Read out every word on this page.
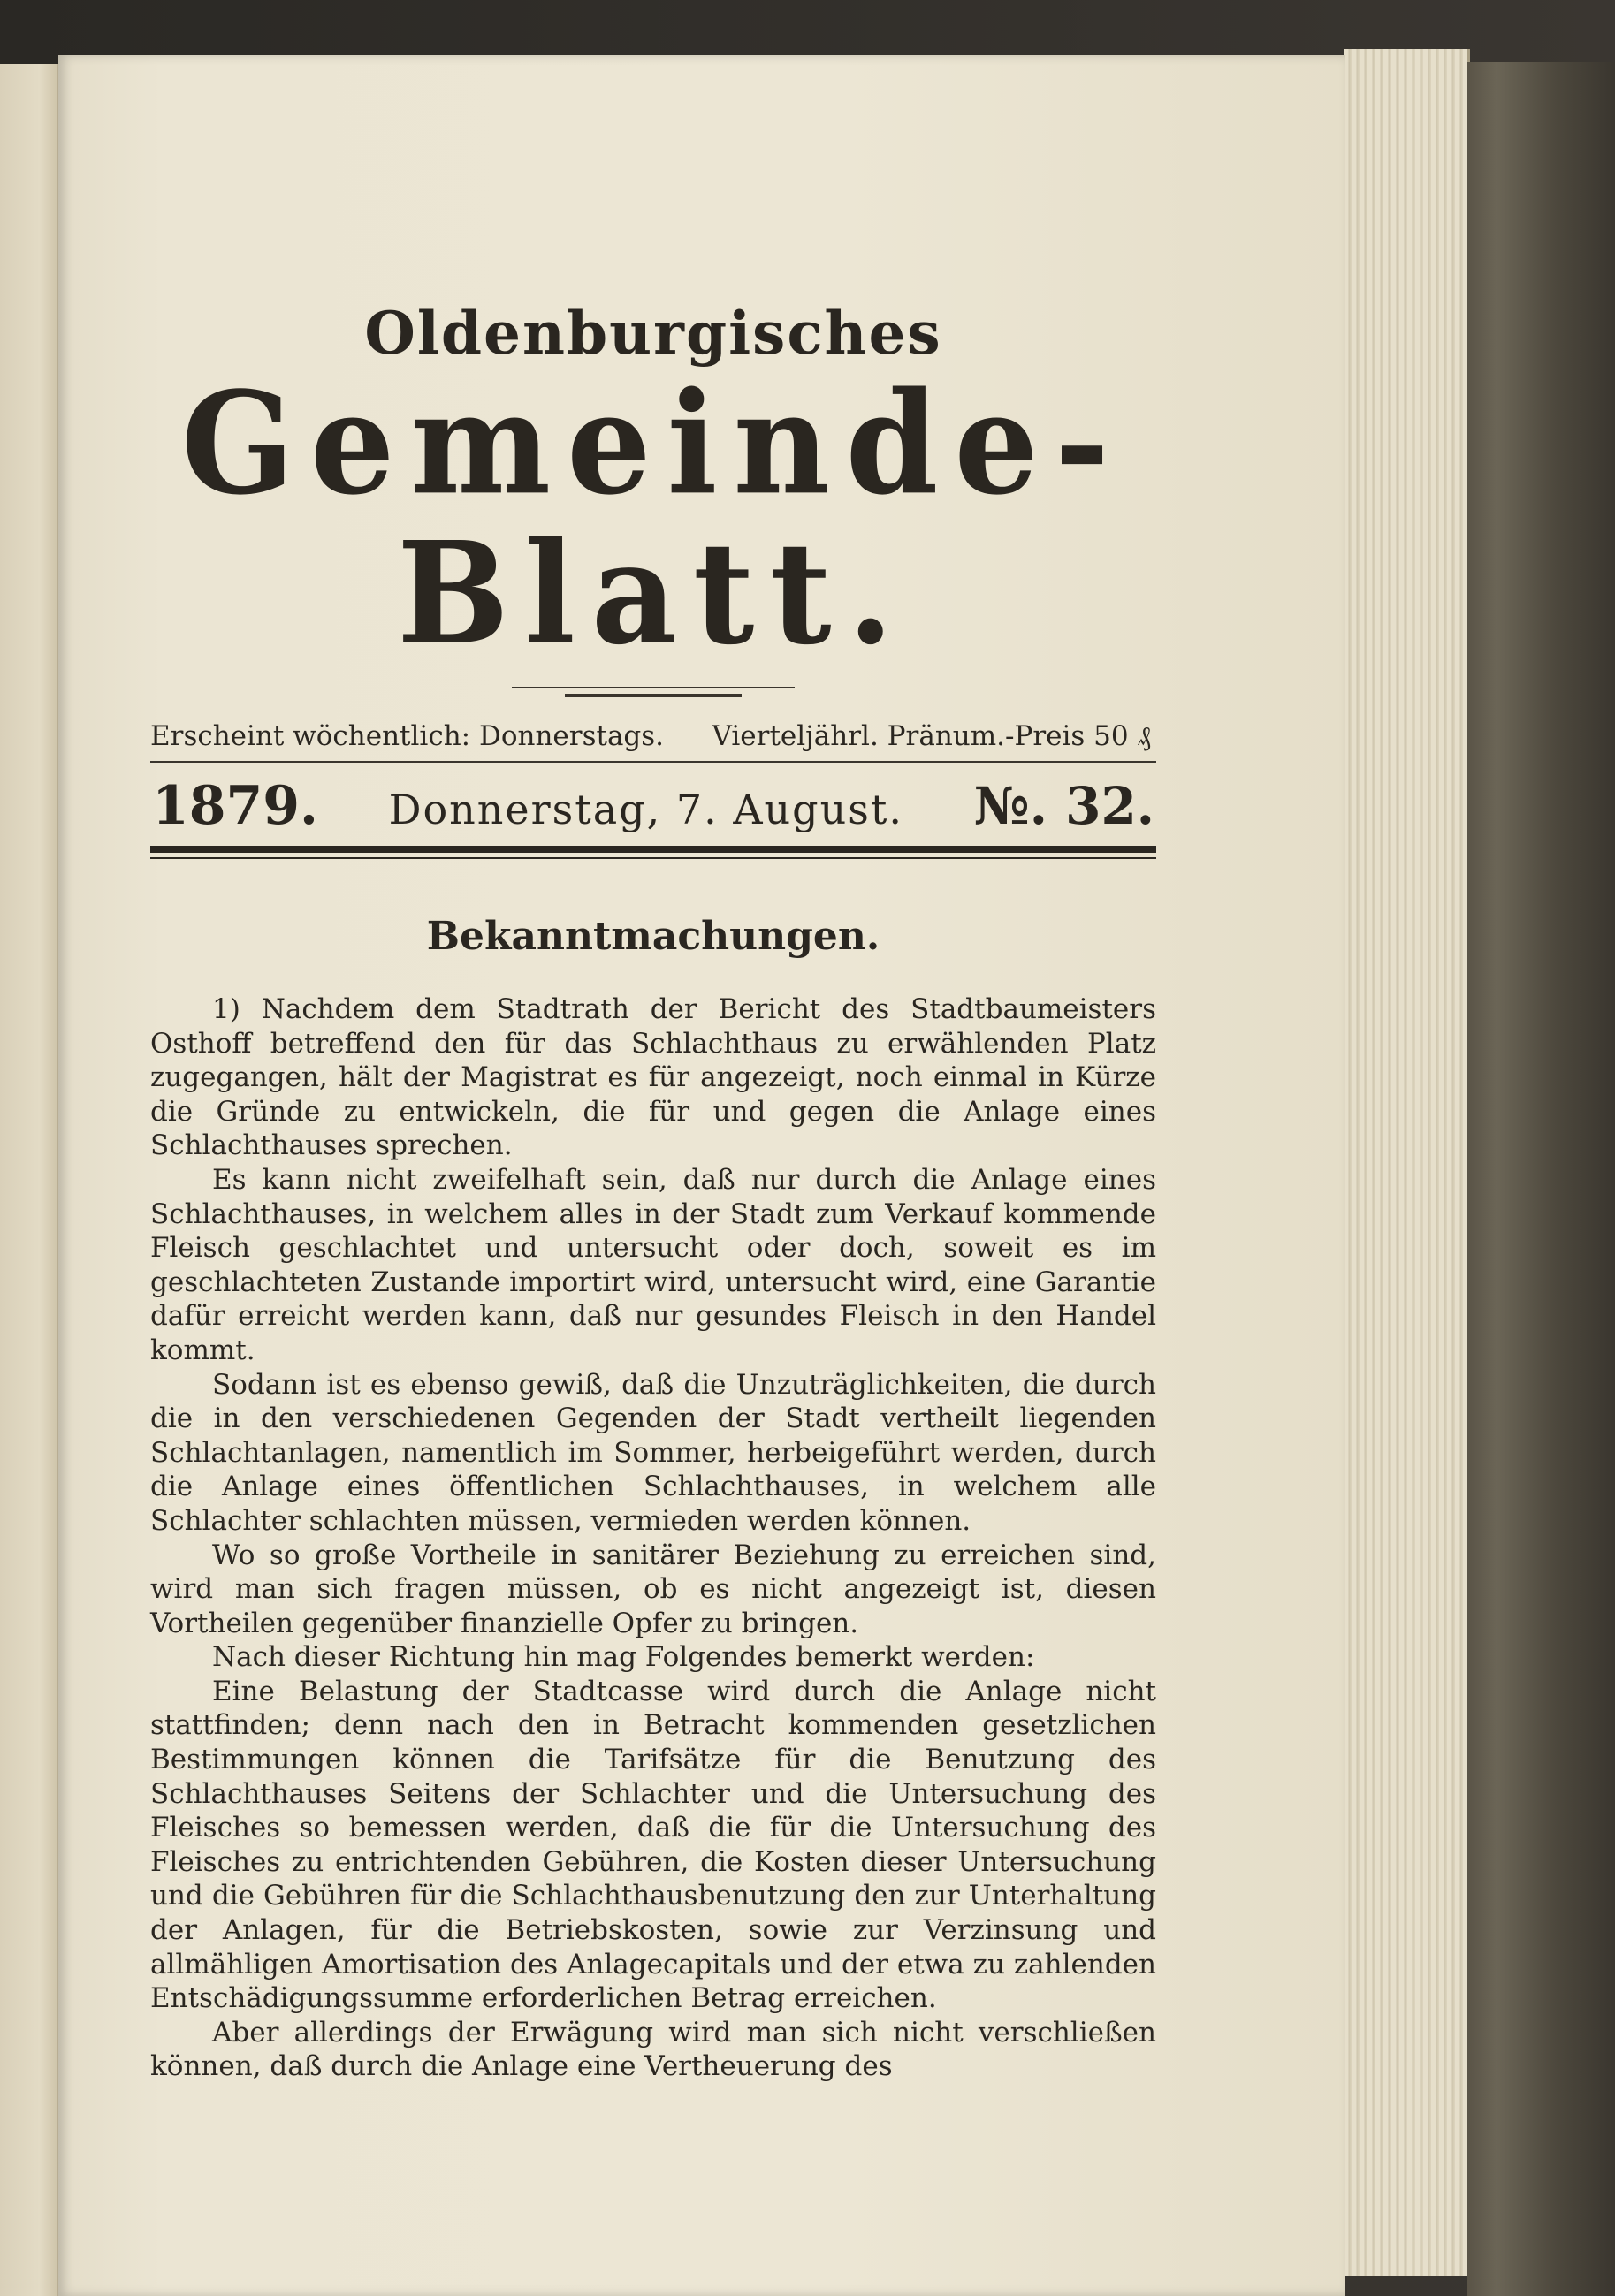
Oldenburgisches
Gemeinde-Blatt.
Erscheint wöchentlich: Donnerstags. Vierteljährl. Pränum.-Preis 50 ₰
1879. Donnerstag, 7. August. №. 32.
Bekanntmachungen.

1) Nachdem dem Stadtrath der Bericht des Stadtbaumeisters Osthoff betreffend den für das Schlachthaus zu erwählenden Platz zugegangen, hält der Magistrat es für angezeigt, noch einmal in Kürze die Gründe zu entwickeln, die für und gegen die Anlage eines Schlachthauses sprechen.

Es kann nicht zweifelhaft sein, daß nur durch die Anlage eines Schlachthauses, in welchem alles in der Stadt zum Verkauf kommende Fleisch geschlachtet und untersucht oder doch, soweit es im geschlachteten Zustande importirt wird, untersucht wird, eine Garantie dafür erreicht werden kann, daß nur gesundes Fleisch in den Handel kommt.

Sodann ist es ebenso gewiß, daß die Unzuträglichkeiten, die durch die in den verschiedenen Gegenden der Stadt vertheilt liegenden Schlachtanlagen, namentlich im Sommer, herbeigeführt werden, durch die Anlage eines öffentlichen Schlachthauses, in welchem alle Schlachter schlachten müssen, vermieden werden können.

Wo so große Vortheile in sanitärer Beziehung zu erreichen sind, wird man sich fragen müssen, ob es nicht angezeigt ist, diesen Vortheilen gegenüber finanzielle Opfer zu bringen.

Nach dieser Richtung hin mag Folgendes bemerkt werden:

Eine Belastung der Stadtcasse wird durch die Anlage nicht stattfinden; denn nach den in Betracht kommenden gesetzlichen Bestimmungen können die Tarifsätze für die Benutzung des Schlachthauses Seitens der Schlachter und die Untersuchung des Fleisches so bemessen werden, daß die für die Untersuchung des Fleisches zu entrichtenden Gebühren, die Kosten dieser Untersuchung und die Gebühren für die Schlachthausbenutzung den zur Unterhaltung der Anlagen, für die Betriebskosten, sowie zur Verzinsung und allmähligen Amortisation des Anlagecapitals und der etwa zu zahlenden Entschädigungssumme erforderlichen Betrag erreichen.

Aber allerdings der Erwägung wird man sich nicht verschließen können, daß durch die Anlage eine Vertheuerung des
